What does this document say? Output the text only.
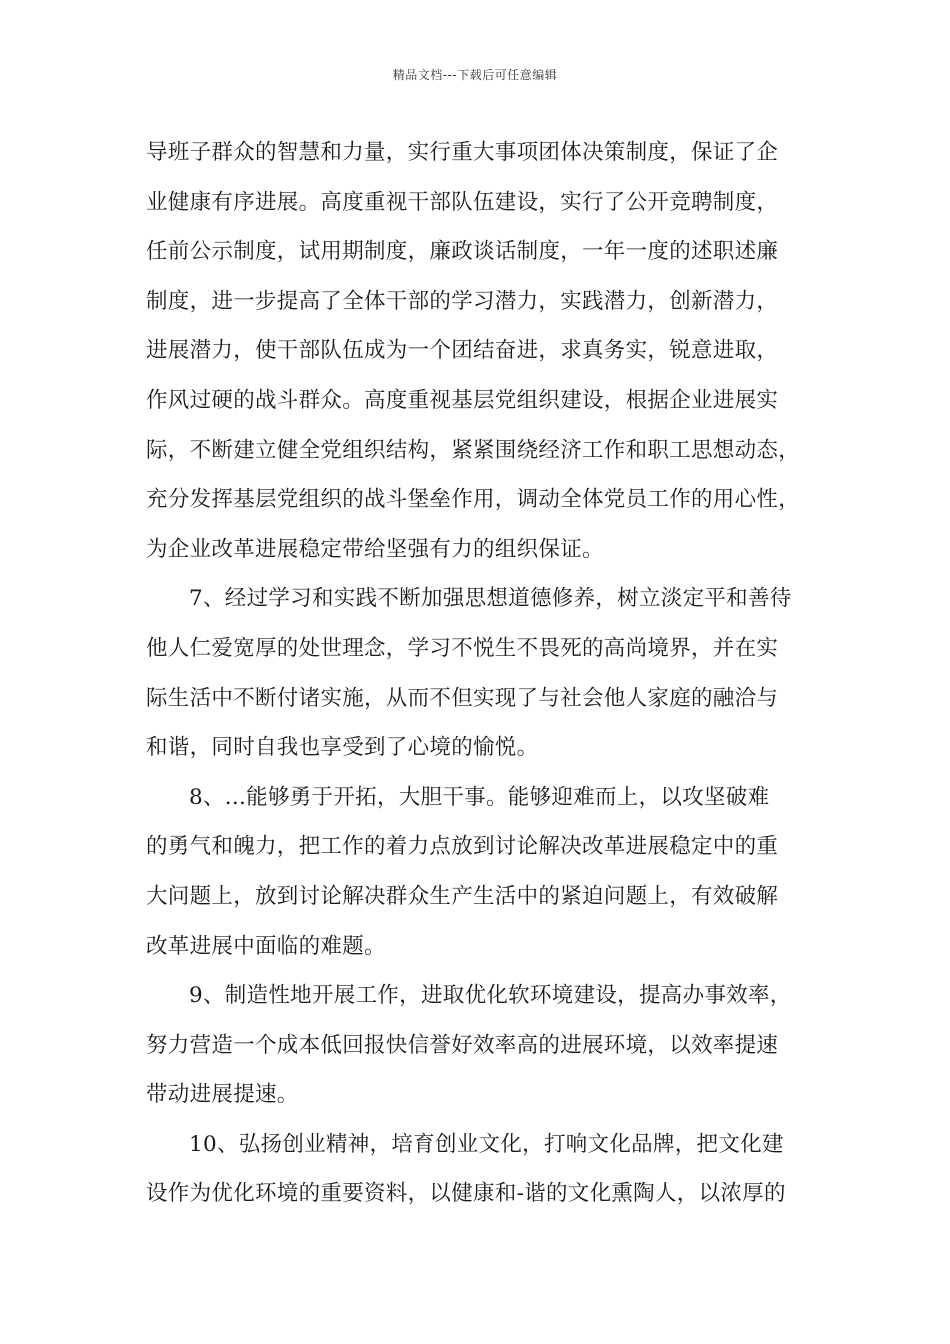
精品文档---下载后可任意编辑
导班子群众的智慧和力量，实行重大事项团体决策制度，保证了企
业健康有序进展。高度重视干部队伍建设，实行了公开竞聘制度，
任前公示制度，试用期制度，廉政谈话制度，一年一度的述职述廉
制度，进一步提高了全体干部的学习潜力，实践潜力，创新潜力，
进展潜力，使干部队伍成为一个团结奋进，求真务实，锐意进取，
作风过硬的战斗群众。高度重视基层党组织建设，根据企业进展实
际，不断建立健全党组织结构，紧紧围绕经济工作和职工思想动态，
充分发挥基层党组织的战斗堡垒作用，调动全体党员工作的用心性，
为企业改革进展稳定带给坚强有力的组织保证。
7、经过学习和实践不断加强思想道德修养，树立淡定平和善待
他人仁爱宽厚的处世理念，学习不悦生不畏死的高尚境界，并在实
际生活中不断付诸实施，从而不但实现了与社会他人家庭的融洽与
和谐，同时自我也享受到了心境的愉悦。
8、...能够勇于开拓，大胆干事。能够迎难而上，以攻坚破难
的勇气和魄力，把工作的着力点放到讨论解决改革进展稳定中的重
大问题上，放到讨论解决群众生产生活中的紧迫问题上，有效破解
改革进展中面临的难题。
9、制造性地开展工作，进取优化软环境建设，提高办事效率，
努力营造一个成本低回报快信誉好效率高的进展环境，以效率提速
带动进展提速。
10、弘扬创业精神，培育创业文化，打响文化品牌，把文化建
设作为优化环境的重要资料，以健康和-谐的文化熏陶人，以浓厚的
